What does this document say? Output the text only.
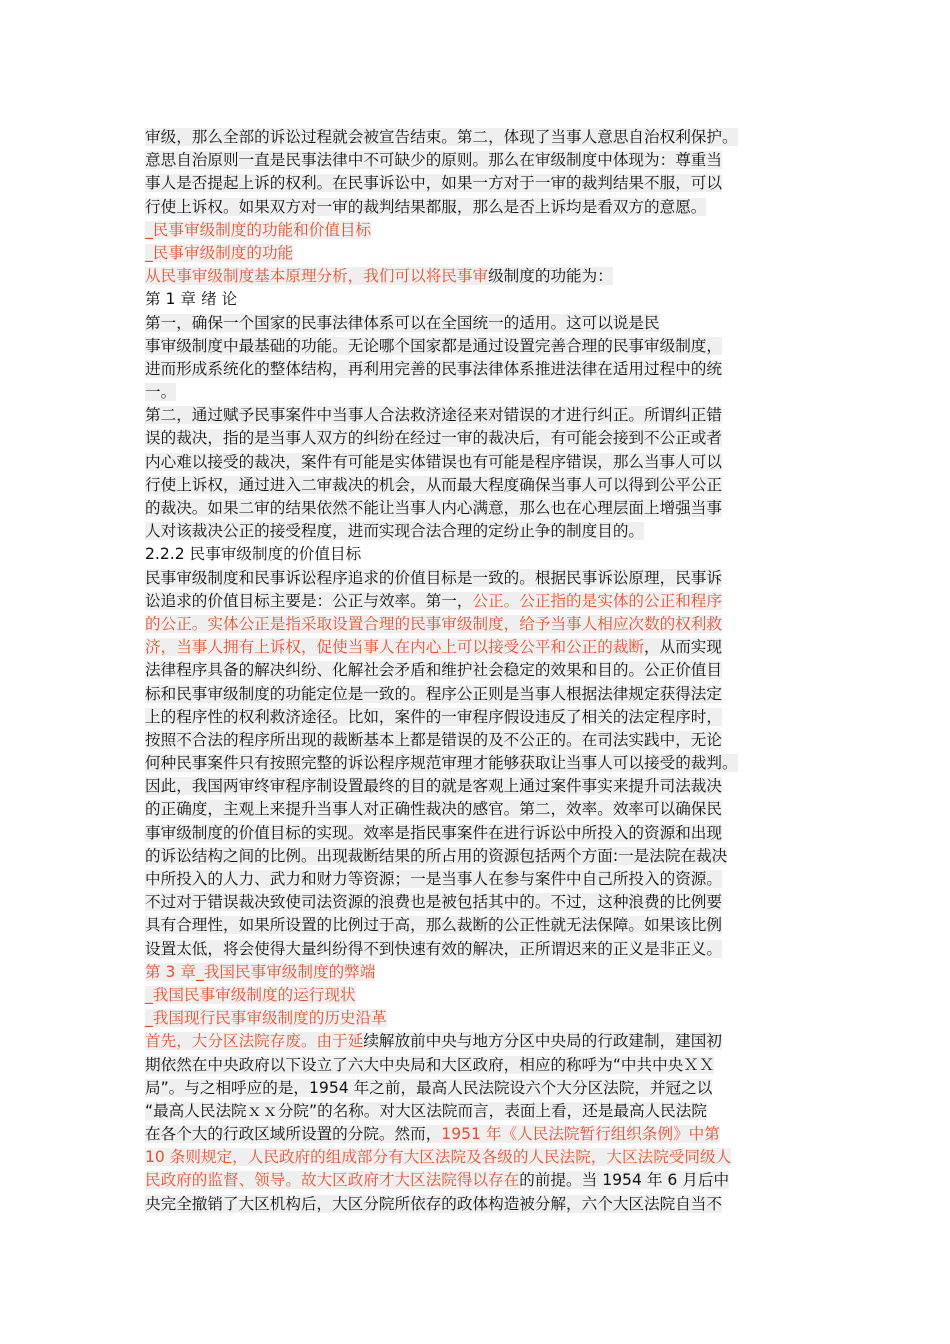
审级，那么全部的诉讼过程就会被宣告结束。第二，体现了当事人意思自治权利保护。
意思自治原则一直是民事法律中不可缺少的原则。那么在审级制度中体现为：尊重当
事人是否提起上诉的权利。在民事诉讼中，如果一方对于一审的裁判结果不服，可以
行使上诉权。如果双方对一审的裁判结果都服，那么是否上诉均是看双方的意愿。
_民事审级制度的功能和价值目标
_民事审级制度的功能
从民事审级制度基本原理分析，我们可以将民事审级制度的功能为：
第 1 章 绪 论
第一，确保一个国家的民事法律体系可以在全国统一的适用。这可以说是民
事审级制度中最基础的功能。无论哪个国家都是通过设置完善合理的民事审级制度，
进而形成系统化的整体结构，再利用完善的民事法律体系推进法律在适用过程中的统
一。
第二，通过赋予民事案件中当事人合法救济途径来对错误的才进行纠正。所谓纠正错
误的裁决，指的是当事人双方的纠纷在经过一审的裁决后，有可能会接到不公正或者
内心难以接受的裁决，案件有可能是实体错误也有可能是程序错误，那么当事人可以
行使上诉权，通过进入二审裁决的机会，从而最大程度确保当事人可以得到公平公正
的裁决。如果二审的结果依然不能让当事人内心满意，那么也在心理层面上增强当事
人对该裁决公正的接受程度，进而实现合法合理的定纷止争的制度目的。
2.2.2 民事审级制度的价值目标
民事审级制度和民事诉讼程序追求的价值目标是一致的。根据民事诉讼原理，民事诉
讼追求的价值目标主要是：公正与效率。第一，公正。公正指的是实体的公正和程序
的公正。实体公正是指采取设置合理的民事审级制度，给予当事人相应次数的权利救
济，当事人拥有上诉权，促使当事人在内心上可以接受公平和公正的裁断，从而实现
法律程序具备的解决纠纷、化解社会矛盾和维护社会稳定的效果和目的。公正价值目
标和民事审级制度的功能定位是一致的。程序公正则是当事人根据法律规定获得法定
上的程序性的权利救济途径。比如，案件的一审程序假设违反了相关的法定程序时，
按照不合法的程序所出现的裁断基本上都是错误的及不公正的。在司法实践中，无论
何种民事案件只有按照完整的诉讼程序规范审理才能够获取让当事人可以接受的裁判。
因此，我国两审终审程序制设置最终的目的就是客观上通过案件事实来提升司法裁决
的正确度，主观上来提升当事人对正确性裁决的感官。第二，效率。效率可以确保民
事审级制度的价值目标的实现。效率是指民事案件在进行诉讼中所投入的资源和出现
的诉讼结构之间的比例。出现裁断结果的所占用的资源包括两个方面:一是法院在裁决
中所投入的人力、武力和财力等资源；一是当事人在参与案件中自己所投入的资源。
不过对于错误裁决致使司法资源的浪费也是被包括其中的。不过，这种浪费的比例要
具有合理性，如果所设置的比例过于高，那么裁断的公正性就无法保障。如果该比例
设置太低，将会使得大量纠纷得不到快速有效的解决，正所谓迟来的正义是非正义。
第 3 章_我国民事审级制度的弊端
_我国民事审级制度的运行现状
_我国现行民事审级制度的历史沿革
首先，大分区法院存废。由于延续解放前中央与地方分区中央局的行政建制，建国初
期依然在中央政府以下设立了六大中央局和大区政府，相应的称呼为“中共中央ＸＸ
局”。与之相呼应的是，1954 年之前，最高人民法院设六个大分区法院，并冠之以
“最高人民法院ｘｘ分院”的名称。对大区法院而言，表面上看，还是最高人民法院
在各个大的行政区域所设置的分院。然而，1951 年《人民法院暂行组织条例》中第
10 条则规定，人民政府的组成部分有大区法院及各级的人民法院，大区法院受同级人
民政府的监督、领导。故大区政府才大区法院得以存在的前提。当 1954 年 6 月后中
央完全撤销了大区机构后，大区分院所依存的政体构造被分解，六个大区法院自当不
